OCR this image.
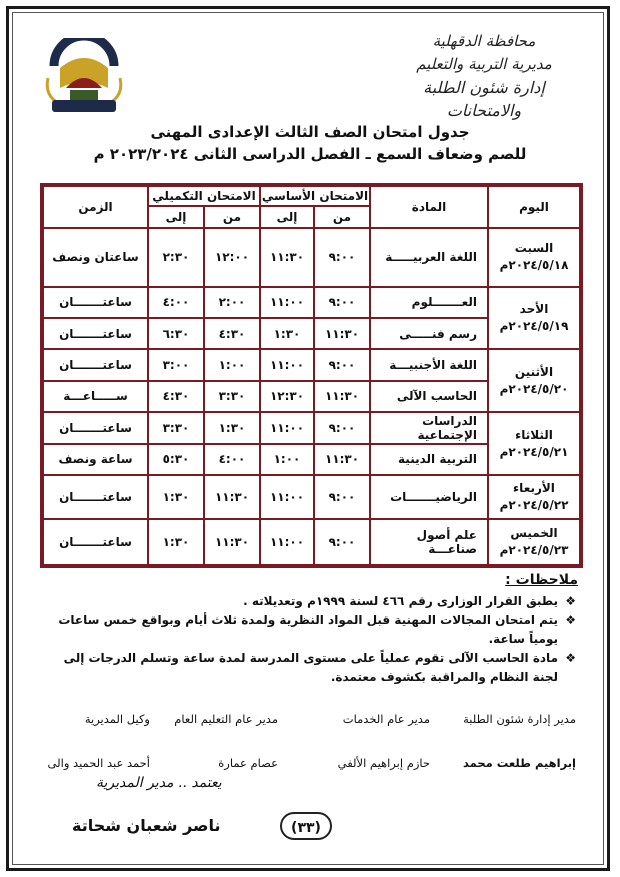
محافظة الدقهلية
مديرية التربية والتعليم
إدارة شئون الطلبة والامتحانات
جدول امتحان الصف الثالث الإعدادى المهنى
للصم وضعاف السمع ـ الفصل الدراسى الثانى ٢٠٢٣/٢٠٢٤ م
اليوم	المادة	الامتحان الأساسي		الامتحان التكميلي		الزمن
		من	إلى	من	إلى	

السبت
٢٠٢٤/٥/١٨م	اللغة العربيـــــة	٩:٠٠	١١:٣٠	١٢:٠٠	٢:٣٠	ساعتان ونصف

الأحد
٢٠٢٤/٥/١٩م	العـــــــلوم	٩:٠٠	١١:٠٠	٢:٠٠	٤:٠٠	ساعتـــــــان
	رسم فنـــــى	١١:٣٠	١:٣٠	٤:٣٠	٦:٣٠	ساعتـــــــان

الأثنين
٢٠٢٤/٥/٢٠م	اللغة الأجنبيـــة	٩:٠٠	١١:٠٠	١:٠٠	٣:٠٠	ساعتـــــــان
	الحاسب الآلى	١١:٣٠	١٢:٣٠	٣:٣٠	٤:٣٠	ســـــاعـــة

الثلاثاء
٢٠٢٤/٥/٢١م	الدراسات الإجتماعية	٩:٠٠	١١:٠٠	١:٣٠	٣:٣٠	ساعتـــــــان
	التربية الدينية	١١:٣٠	١:٠٠	٤:٠٠	٥:٣٠	ساعة ونصف

الأربعاء
٢٠٢٤/٥/٢٢م	الرياضيـــــــات	٩:٠٠	١١:٠٠	١١:٣٠	١:٣٠	ساعتـــــــان

الخميس
٢٠٢٤/٥/٢٣م	علم أصول صناعـــة	٩:٠٠	١١:٠٠	١١:٣٠	١:٣٠	ساعتـــــــان
ملاحظات :
❖
يطبق القرار الوزارى رقم ٤٦٦ لسنة ١٩٩٩م وتعديلاته .
❖
يتم امتحان المجالات المهنية قبل المواد النظرية ولمدة ثلاث أيام وبواقع خمس ساعات يومياً ساعة.
❖
مادة الحاسب الآلى تقوم عملياً على مستوى المدرسة لمدة ساعة وتسلم الدرجات إلى لجنة النظام والمراقبة بكشوف معتمدة.
مدير إدارة شئون الطلبة
مدير عام الخدمات
مدير عام التعليم العام
وكيل المديرية
إبراهيم طلعت محمد
حازم إبراهيم الألفي
عصام عمارة
أحمد عبد الحميد والى
يعتمد .. مدير المديرية
ناصر شعبان شحاتة	(٣٣)
